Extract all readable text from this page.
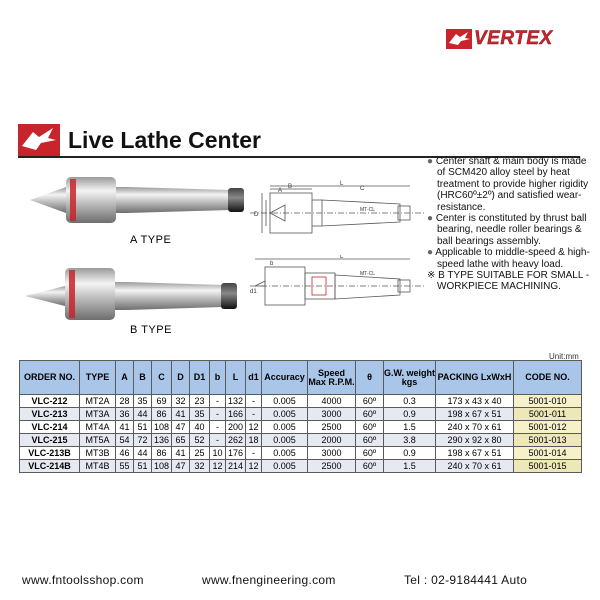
VERTEX
Live Lathe Center
A TYPE
L
C
B
A
D
MT-CL
B TYPE
L
MT-CL
b
d1

● Center shaft & main body is made of SCM420 alloy steel by heat treatment to provide higher rigidity (HRC60º±2º) and satisfied wear- resistance.

● Center is constituted by thrust ball bearing, needle roller bearings & ball bearings assembly.

● Applicable to middle-speed & high- speed lathe with heavy load.

※ B TYPE SUITABLE FOR SMALL -WORKPIECE MACHINING.

Unit:mm
ORDER NO.	TYPE	A	B	C	D	D1	b	L	d1	Accuracy	Speed Max R.P.M.	θ	G.W. weight kgs	PACKING LxWxH	CODE NO.
VLC-212	MT2A	28	35	69	32	23	-	132	-	0.005	4000	60º	0.3	173 x 43 x 40	5001-010
VLC-213	MT3A	36	44	86	41	35	-	166	-	0.005	3000	60º	0.9	198 x 67 x 51	5001-011
VLC-214	MT4A	41	51	108	47	40	-	200	12	0.005	2500	60º	1.5	240 x 70 x 61	5001-012
VLC-215	MT5A	54	72	136	65	52	-	262	18	0.005	2000	60º	3.8	290 x 92 x 80	5001-013
VLC-213B	MT3B	46	44	86	41	25	10	176	-	0.005	3000	60º	0.9	198 x 67 x 51	5001-014
VLC-214B	MT4B	55	51	108	47	32	12	214	12	0.005	2500	60º	1.5	240 x 70 x 61	5001-015
www.fntoolsshop.com	www.fnengineering.com	Tel : 02-9184441 Auto
